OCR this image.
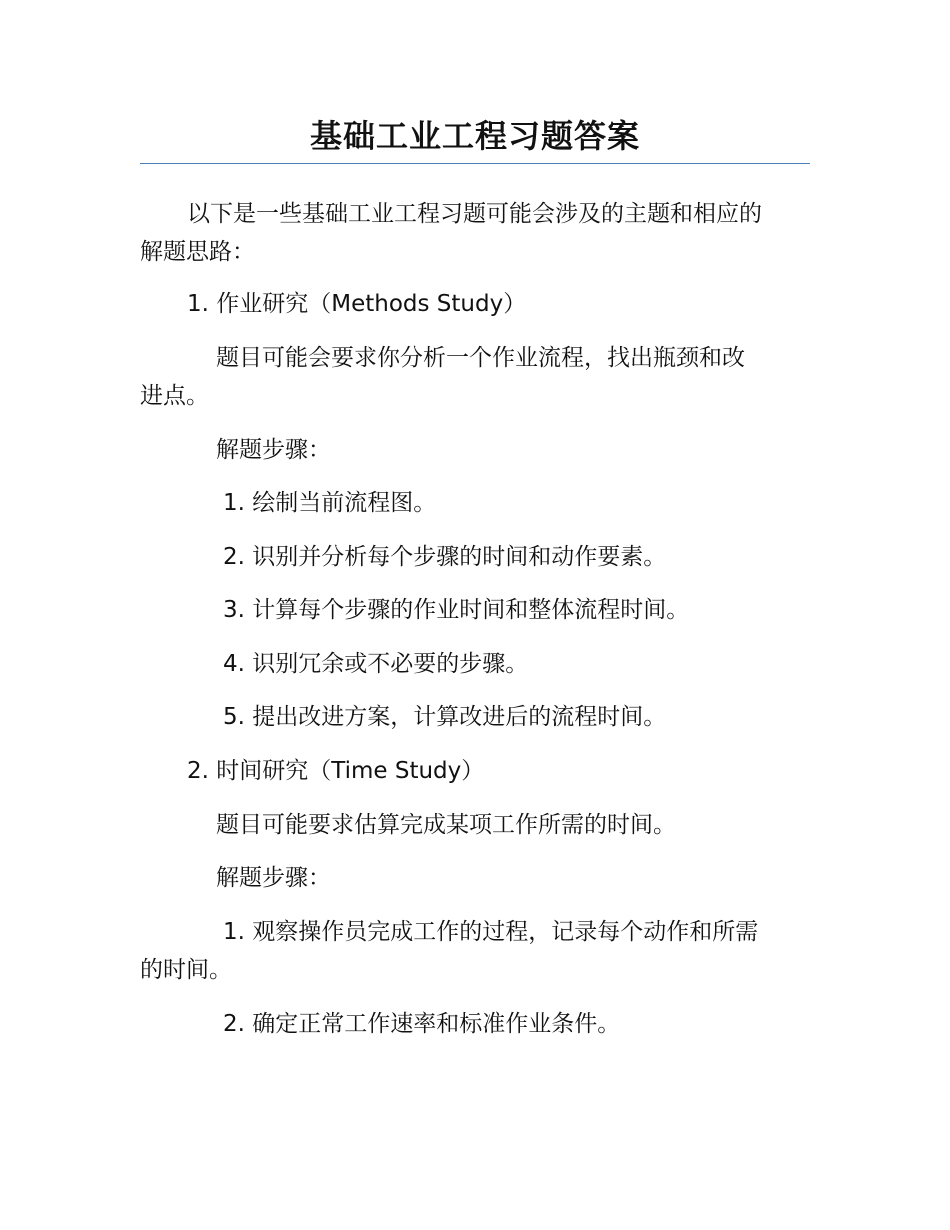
基础工业工程习题答案
以下是一些基础工业工程习题可能会涉及的主题和相应的
解题思路：
1. 作业研究（Methods Study）
题目可能会要求你分析一个作业流程，找出瓶颈和改
进点。
解题步骤：
1. 绘制当前流程图。
2. 识别并分析每个步骤的时间和动作要素。
3. 计算每个步骤的作业时间和整体流程时间。
4. 识别冗余或不必要的步骤。
5. 提出改进方案，计算改进后的流程时间。
2. 时间研究（Time Study）
题目可能要求估算完成某项工作所需的时间。
解题步骤：
1. 观察操作员完成工作的过程，记录每个动作和所需
的时间。
2. 确定正常工作速率和标准作业条件。
